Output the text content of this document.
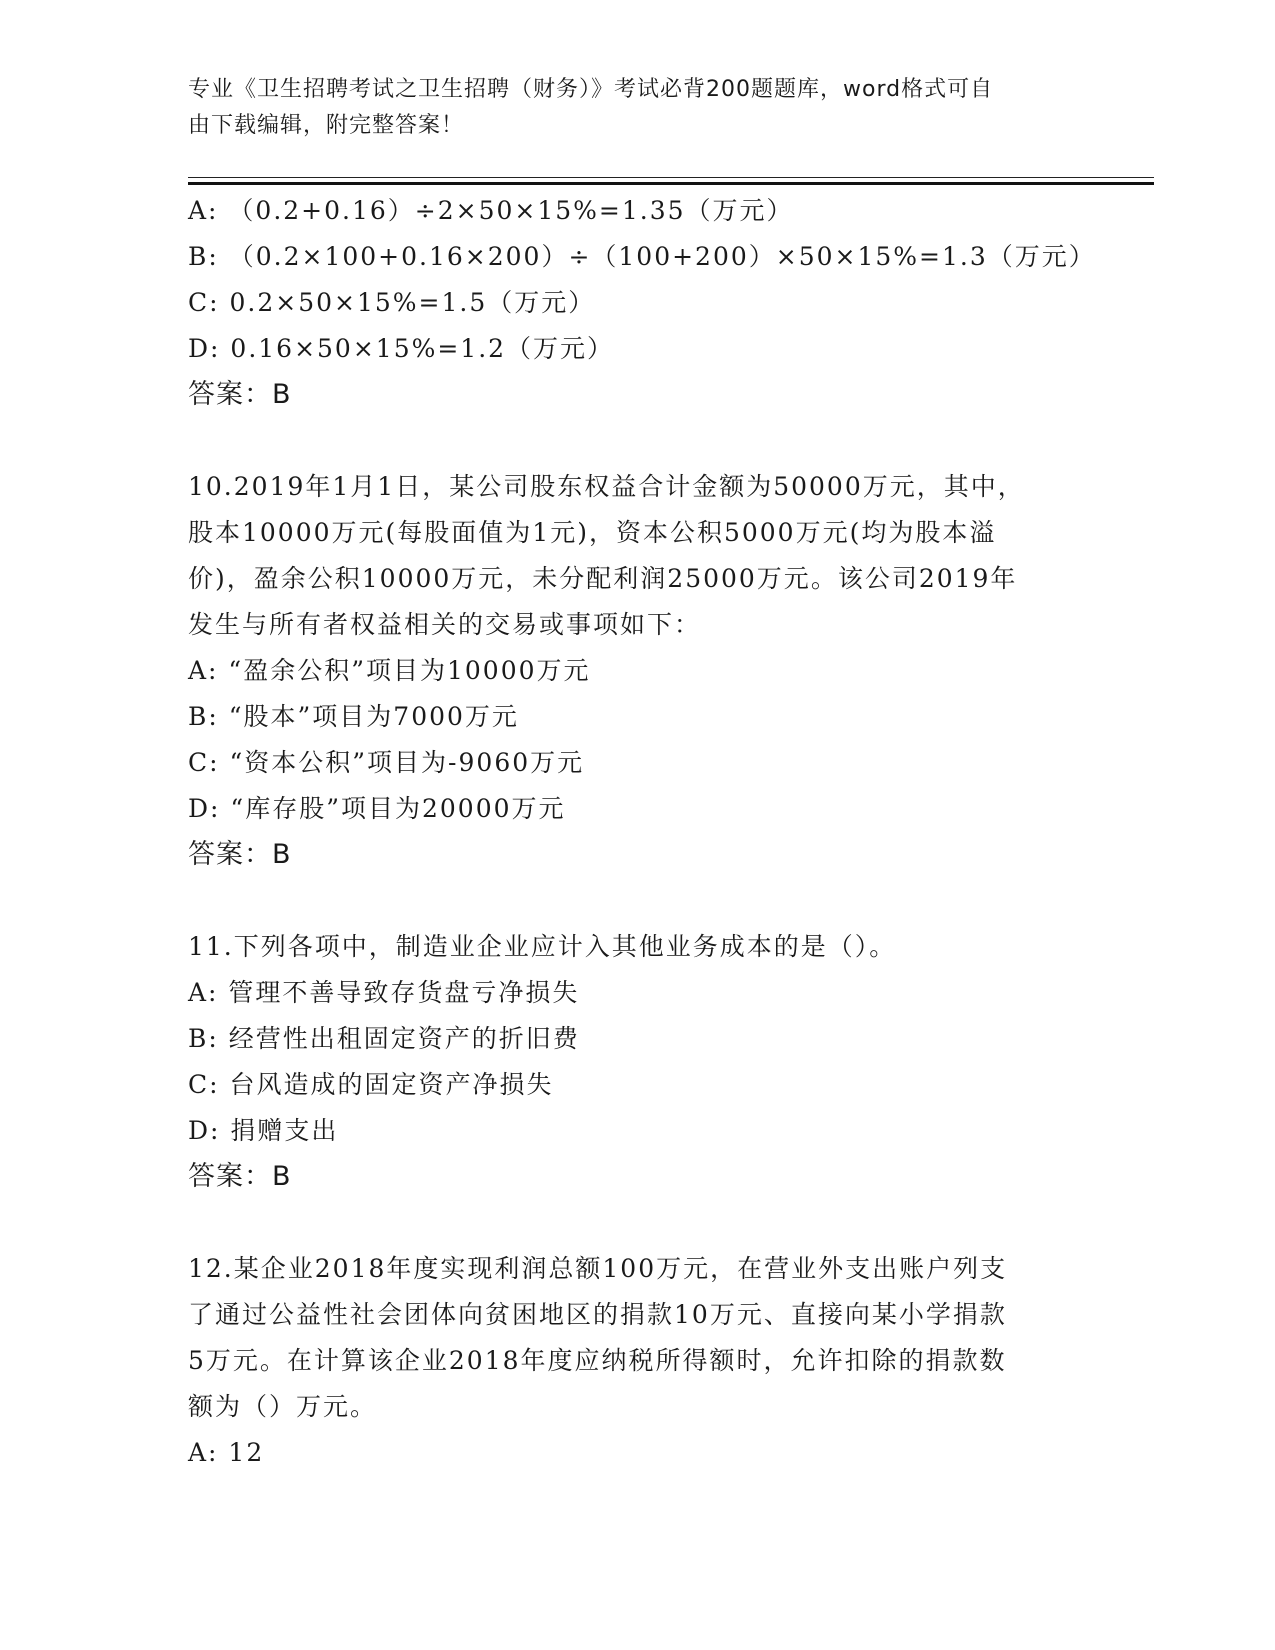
专业《卫生招聘考试之卫生招聘（财务）》考试必背200题题库，word格式可自
由下载编辑，附完整答案！
A: （0.2+0.16）÷2×50×15%=1.35（万元）
B: （0.2×100+0.16×200）÷（100+200）×50×15%=1.3（万元）
C: 0.2×50×15%=1.5（万元）
D: 0.16×50×15%=1.2（万元）
答案：B
10.2019年1月1日，某公司股东权益合计金额为50000万元，其中，
股本10000万元(每股面值为1元)，资本公积5000万元(均为股本溢
价)，盈余公积10000万元，未分配利润25000万元。该公司2019年
发生与所有者权益相关的交易或事项如下：
A: “盈余公积”项目为10000万元
B: “股本”项目为7000万元
C: “资本公积”项目为-9060万元
D: “库存股”项目为20000万元
答案：B
11.下列各项中，制造业企业应计入其他业务成本的是（）。
A: 管理不善导致存货盘亏净损失
B: 经营性出租固定资产的折旧费
C: 台风造成的固定资产净损失
D: 捐赠支出
答案：B
12.某企业2018年度实现利润总额100万元，在营业外支出账户列支
了通过公益性社会团体向贫困地区的捐款10万元、直接向某小学捐款
5万元。在计算该企业2018年度应纳税所得额时，允许扣除的捐款数
额为（）万元。
A: 12
